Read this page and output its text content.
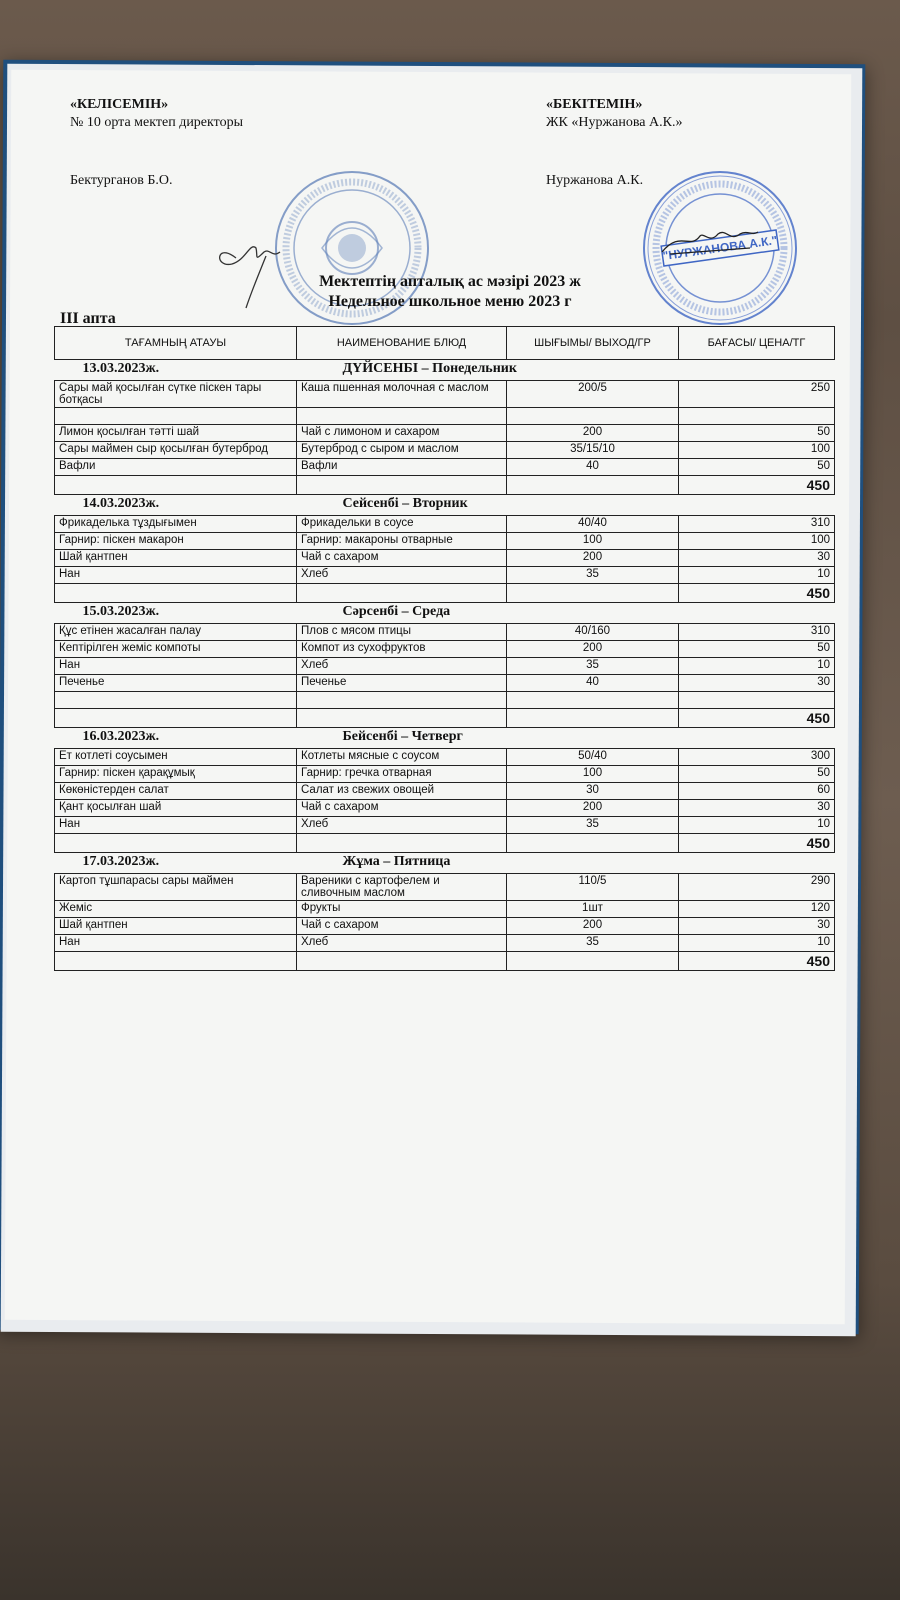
«КЕЛІСЕМІН»
№ 10 орта мектеп директоры
Бектурганов Б.О.
«БЕКІТЕМІН»
ЖК «Нуржанова А.К.»
Нуржанова А.К.
"НУРЖАНОВА А.К."
Мектептің апталық ас мәзірі 2023 ж
Недельное школьное меню 2023 г
III апта
ТАҒАМНЫҢ АТАУЫ	НАИМЕНОВАНИЕ БЛЮД	ШЫҒЫМЫ/ ВЫХОД/ГР	БАҒАСЫ/ ЦЕНА/ТГ
13.03.2023ж. ДҮЙСЕНБІ – Понедельник			
Сары май қосылған сүтке піскен тары ботқасы	Каша пшенная молочная с маслом	200/5	250

Лимон қосылған тәтті шай	Чай с лимоном и сахаром	200	50
Сары маймен сыр қосылған бутерброд	Бутерброд с сыром и маслом	35/15/10	100
Вафли	Вафли	40	50
			450
14.03.2023ж. Сейсенбі – Вторник			
Фрикаделька тұздығымен	Фрикадельки в соусе	40/40	310
Гарнир: піскен макарон	Гарнир: макароны отварные	100	100
Шай қантпен	Чай с сахаром	200	30
Нан	Хлеб	35	10
			450
15.03.2023ж. Сәрсенбі – Среда			
Құс етінен жасалған палау	Плов с мясом птицы	40/160	310
Кептірілген жеміс компоты	Компот из сухофруктов	200	50
Нан	Хлеб	35	10
Печенье	Печенье	40	30

			450
16.03.2023ж. Бейсенбі – Четверг			
Ет котлеті соусымен	Котлеты мясные с соусом	50/40	300
Гарнир: піскен қарақұмық	Гарнир: гречка отварная	100	50
Көкөністерден салат	Салат из свежих овощей	30	60
Қант қосылған шай	Чай с сахаром	200	30
Нан	Хлеб	35	10
			450
17.03.2023ж. Жұма – Пятница			
Картоп тұшпарасы сары маймен	Вареники с картофелем и сливочным маслом	110/5	290
Жеміс	Фрукты	1шт	120
Шай қантпен	Чай с сахаром	200	30
Нан	Хлеб	35	10
			450
